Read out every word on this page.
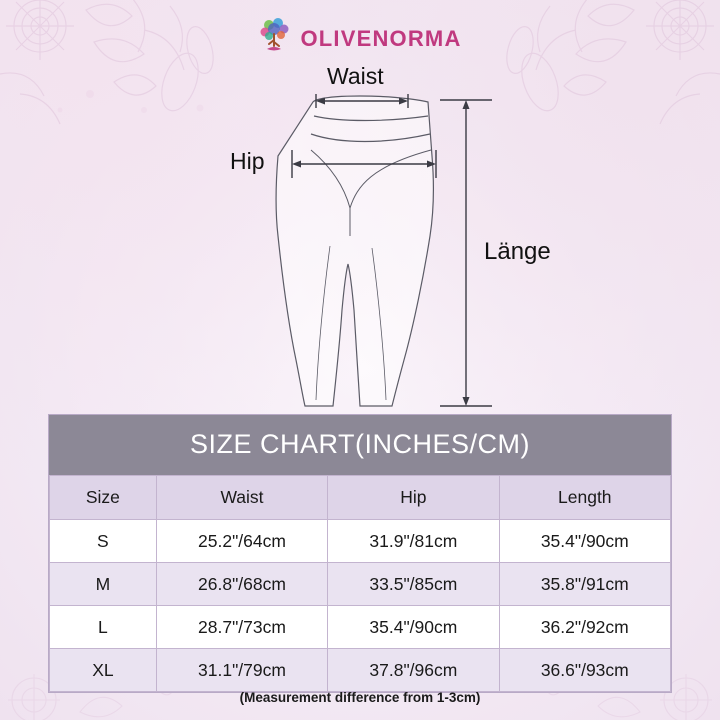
OLIVENORMA
Waist
Hip
Länge
SIZE CHART(INCHES/CM)
Size	Waist	Hip	Length
S	25.2"/64cm	31.9"/81cm	35.4"/90cm
M	26.8"/68cm	33.5"/85cm	35.8"/91cm
L	28.7"/73cm	35.4"/90cm	36.2"/92cm
XL	31.1"/79cm	37.8"/96cm	36.6"/93cm
(Measurement difference from 1-3cm)
